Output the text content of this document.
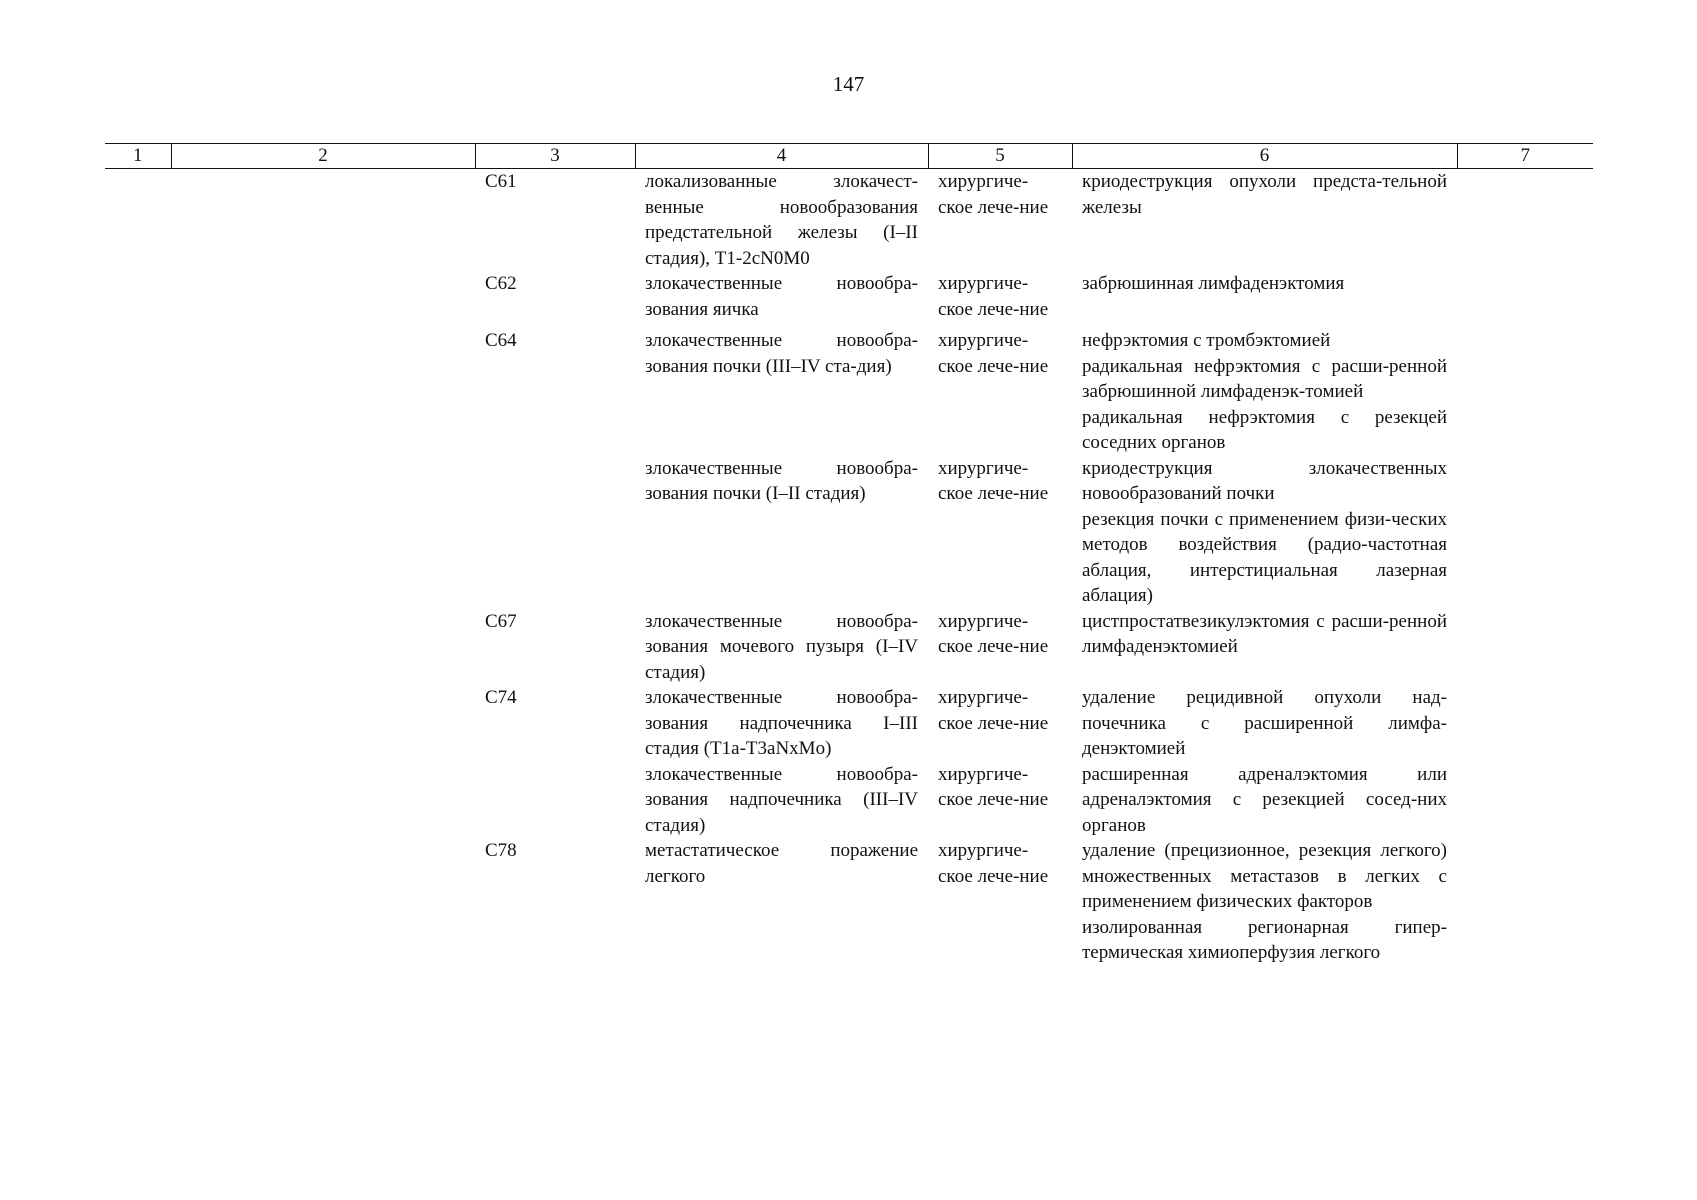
147
1	2	3	4	5	6	7
		C61	локализованные злокачест-венные новообразования предстательной железы (I–II стадия), T1-2cN0M0	хирургиче-ское лече-ние	криодеструкция опухоли предста-тельной железы	

		C62	злокачественные новообра-зования яичка	хирургиче-ское лече-ние	забрюшинная лимфаденэктомия	

		C64	злокачественные новообра-зования почки (III–IV ста-дия)	хирургиче-ское лече-ние	нефрэктомия с тромбэктомией
радикальная нефрэктомия с расши-ренной забрюшинной лимфаденэк-томией
радикальная нефрэктомия с резекцей соседних органов	

			злокачественные новообра-зования почки (I–II стадия)	хирургиче-ское лече-ние	криодеструкция злокачественных новообразований почки
резекция почки с применением физи-ческих методов воздействия (радио-частотная аблация, интерстициальная лазерная аблация)	

		C67	злокачественные новообра-зования мочевого пузыря (I–IV стадия)	хирургиче-ское лече-ние	цистпростатвезикулэктомия с расши-ренной лимфаденэктомией	

		C74	злокачественные новообра-зования надпочечника I–III стадия (T1a-T3aNxMo)	хирургиче-ское лече-ние	удаление рецидивной опухоли над-почечника с расширенной лимфа-денэктомией	

			злокачественные новообра-зования надпочечника (III–IV стадия)	хирургиче-ское лече-ние	расширенная адреналэктомия или адреналэктомия с резекцией сосед-них органов	

		C78	метастатическое поражение легкого	хирургиче-ское лече-ние	удаление (прецизионное, резекция легкого) множественных метастазов в легких с применением физических факторов
изолированная регионарная гипер-термическая химиоперфузия легкого	
